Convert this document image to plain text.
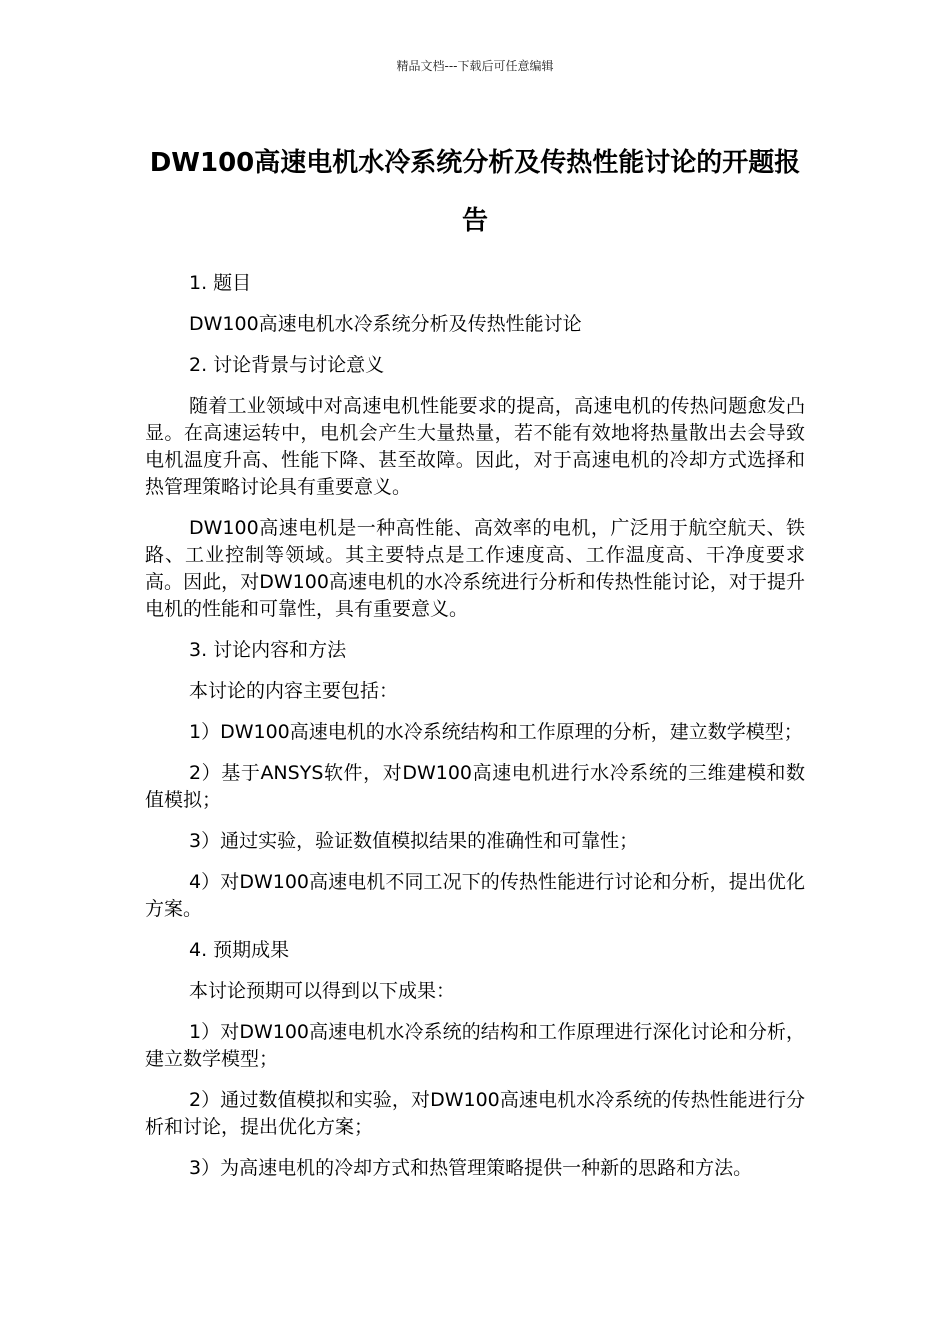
精品文档---下载后可任意编辑
DW100高速电机水冷系统分析及传热性能讨论的开题报告

1. 题目

DW100高速电机水冷系统分析及传热性能讨论

2. 讨论背景与讨论意义

随着工业领域中对高速电机性能要求的提高，高速电机的传热问题愈发凸显。在高速运转中，电机会产生大量热量，若不能有效地将热量散出去会导致电机温度升高、性能下降、甚至故障。因此，对于高速电机的冷却方式选择和热管理策略讨论具有重要意义。

DW100高速电机是一种高性能、高效率的电机，广泛用于航空航天、铁路、工业控制等领域。其主要特点是工作速度高、工作温度高、干净度要求高。因此，对DW100高速电机的水冷系统进行分析和传热性能讨论，对于提升电机的性能和可靠性，具有重要意义。

3. 讨论内容和方法

本讨论的内容主要包括：

1）DW100高速电机的水冷系统结构和工作原理的分析，建立数学模型；

2）基于ANSYS软件，对DW100高速电机进行水冷系统的三维建模和数值模拟；

3）通过实验，验证数值模拟结果的准确性和可靠性；

4）对DW100高速电机不同工况下的传热性能进行讨论和分析，提出优化方案。

4. 预期成果

本讨论预期可以得到以下成果：

1）对DW100高速电机水冷系统的结构和工作原理进行深化讨论和分析，建立数学模型；

2）通过数值模拟和实验，对DW100高速电机水冷系统的传热性能进行分析和讨论，提出优化方案；

3）为高速电机的冷却方式和热管理策略提供一种新的思路和方法。
